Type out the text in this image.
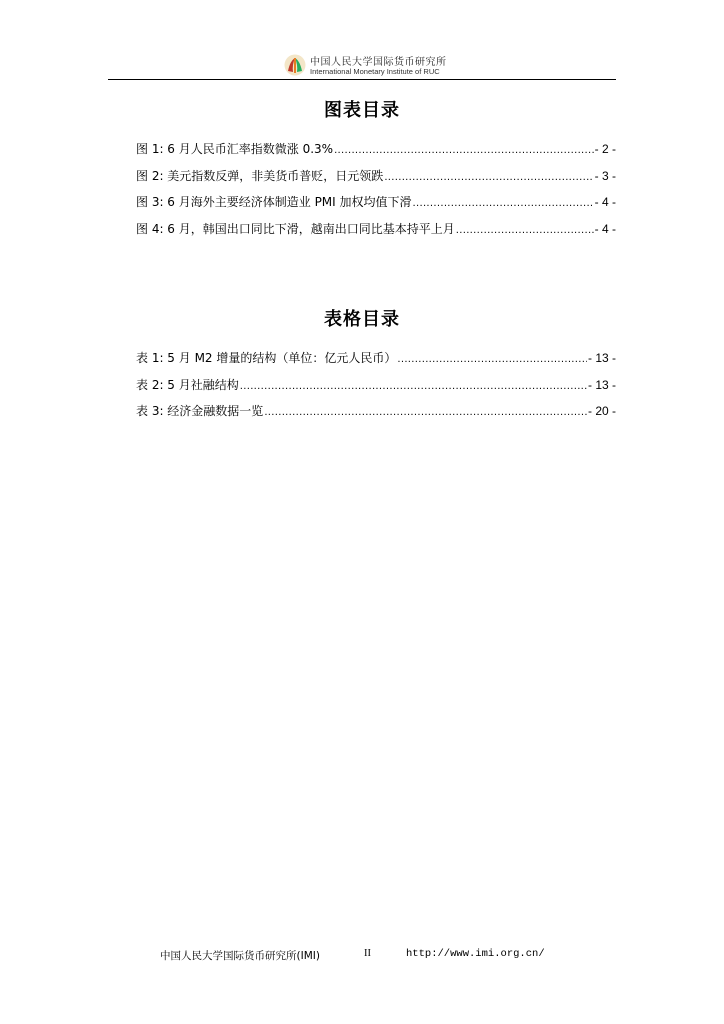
中国人民大学国际货币研究所
International Monetary Institute of RUC
图表目录
图 1: 6 月人民币汇率指数微涨 0.3% .....	- 2 -
图 2: 美元指数反弹，非美货币普贬，日元领跌 .....	- 3 -
图 3: 6 月海外主要经济体制造业 PMI 加权均值下滑 .....	- 4 -
图 4: 6 月，韩国出口同比下滑，越南出口同比基本持平上月 .....	- 4 -
表格目录
表 1: 5 月 M2 增量的结构（单位：亿元人民币） .....	- 13 -
表 2: 5 月社融结构 .....	- 13 -
表 3: 经济金融数据一览 .....	- 20 -
中国人民大学国际货币研究所(IMI)	II	http://www.imi.org.cn/
